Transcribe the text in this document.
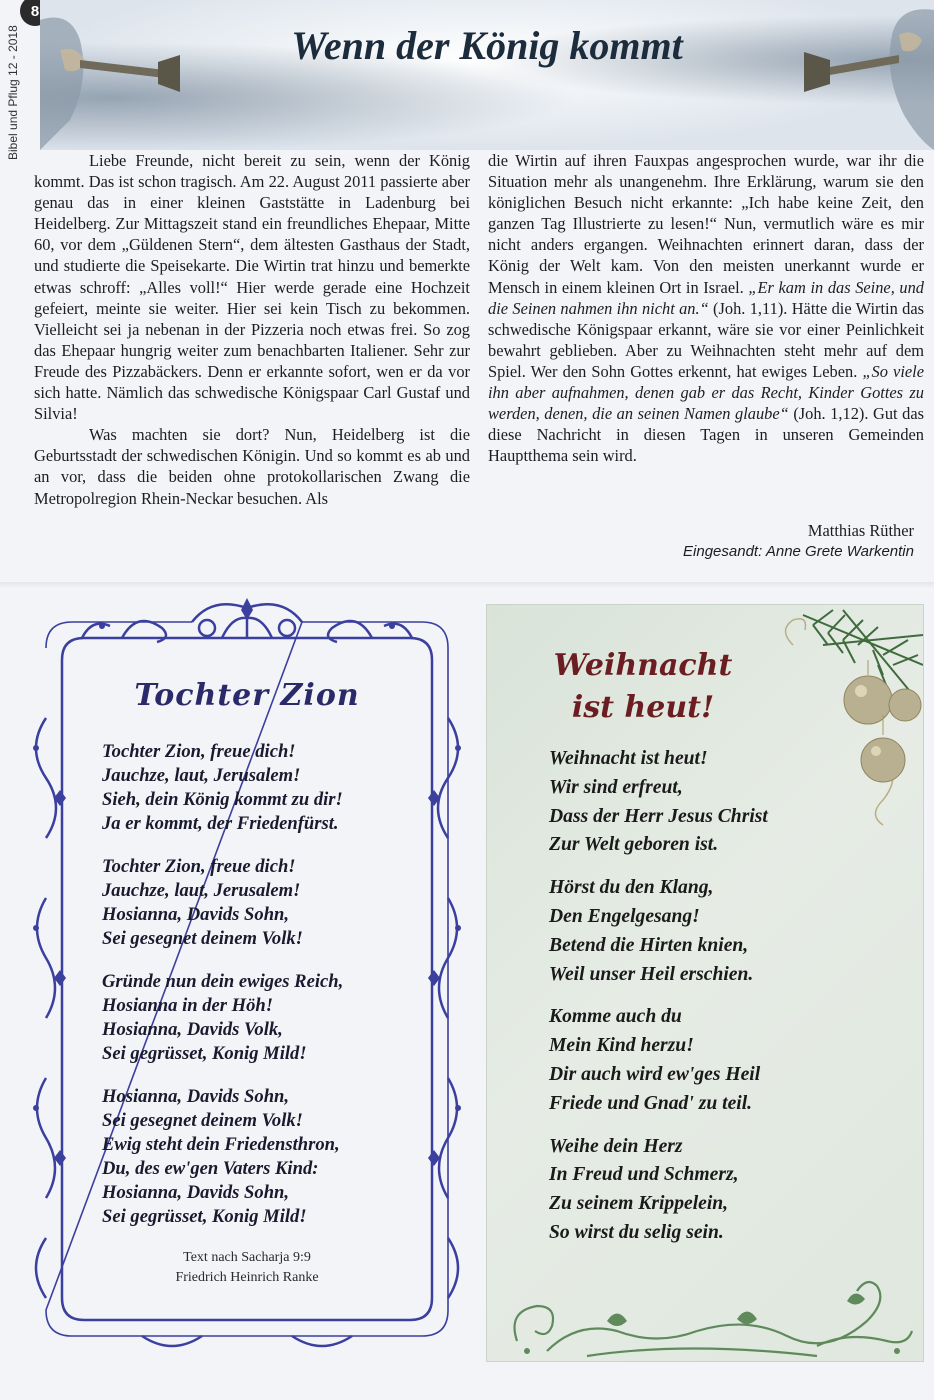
8
Bibel und Pflug 12 - 2018	Wenn der König kommt

Liebe Freunde, nicht bereit zu sein, wenn der König kommt. Das ist schon tragisch. Am 22. August 2011 passierte aber genau das in einer kleinen Gaststätte in Ladenburg bei Heidelberg. Zur Mittagszeit stand ein freundliches Ehepaar, Mitte 60, vor dem „Güldenen Stern“, dem ältesten Gasthaus der Stadt, und studierte die Speisekarte. Die Wirtin trat hinzu und bemerkte etwas schroff: „Alles voll!“ Hier werde gerade eine Hochzeit gefeiert, meinte sie weiter. Hier sei kein Tisch zu bekommen. Vielleicht sei ja nebenan in der Pizzeria noch etwas frei. So zog das Ehepaar hungrig weiter zum benachbarten Italiener. Sehr zur Freude des Pizzabäckers. Denn er erkannte sofort, wen er da vor sich hatte. Nämlich das schwedische Königspaar Carl Gustaf und Silvia!

Was machten sie dort? Nun, Heidelberg ist die Geburtsstadt der schwedischen Königin. Und so kommt es ab und an vor, dass die beiden ohne protokollarischen Zwang die Metropolregion Rhein-Neckar besuchen. Als

die Wirtin auf ihren Fauxpas angesprochen wurde, war ihr die Situation mehr als unangenehm. Ihre Erklärung, warum sie den königlichen Besuch nicht erkannte: „Ich habe keine Zeit, den ganzen Tag Illustrierte zu lesen!“ Nun, vermutlich wäre es mir nicht anders ergangen. Weihnachten erinnert daran, dass der König der Welt kam. Von den meisten unerkannt wurde er Mensch in einem kleinen Ort in Israel. „Er kam in das Seine, und die Seinen nahmen ihn nicht an.“ (Joh. 1,11). Hätte die Wirtin das schwedische Königspaar erkannt, wäre sie vor einer Peinlichkeit bewahrt geblieben. Aber zu Weihnachten steht mehr auf dem Spiel. Wer den Sohn Gottes erkennt, hat ewiges Leben. „So viele ihn aber aufnahmen, denen gab er das Recht, Kinder Gottes zu werden, denen, die an seinen Namen glaube“ (Joh. 1,12). Gut das diese Nachricht in diesen Tagen in unseren Gemeinden Hauptthema sein wird.

Matthias Rüther
Eingesandt: Anne Grete Warkentin
Tochter Zion
Tochter Zion, freue dich!
Jauchze, laut, Jerusalem!
Sieh, dein König kommt zu dir!
Ja er kommt, der Friedenfürst.
Tochter Zion, freue dich!
Jauchze, laut, Jerusalem!
Hosianna, Davids Sohn,
Sei gesegnet deinem Volk!
Gründe nun dein ewiges Reich,
Hosianna in der Höh!
Hosianna, Davids Volk,
Sei gegrüsset, Konig Mild!
Hosianna, Davids Sohn,
Sei gesegnet deinem Volk!
Ewig steht dein Friedensthron,
Du, des ew'gen Vaters Kind:
Hosianna, Davids Sohn,
Sei gegrüsset, Konig Mild!
Text nach Sacharja 9:9
Friedrich Heinrich Ranke
Weihnacht
ist heut!
Weihnacht ist heut!
Wir sind erfreut,
Dass der Herr Jesus Christ
Zur Welt geboren ist.
Hörst du den Klang,
Den Engelgesang!
Betend die Hirten knien,
Weil unser Heil erschien.
Komme auch du
Mein Kind herzu!
Dir auch wird ew'ges Heil
Friede und Gnad' zu teil.
Weihe dein Herz
In Freud und Schmerz,
Zu seinem Krippelein,
So wirst du selig sein.
